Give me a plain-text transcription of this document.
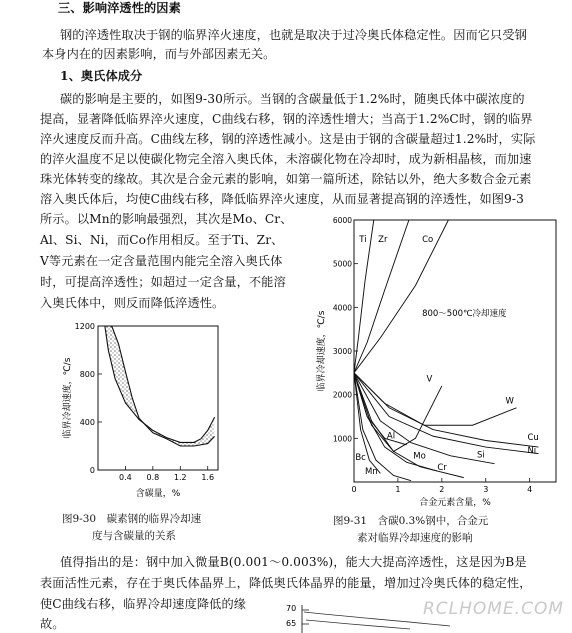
三、影响淬透性的因素
钢的淬透性取决于钢的临界淬火速度，也就是取决于过冷奥氏体稳定性。因而它只受钢
本身内在的因素影响，而与外部因素无关。
1、奥氏体成分
碳的影响是主要的，如图9-30所示。当钢的含碳量低于1.2%时，随奥氏体中碳浓度的
提高，显著降低临界淬火速度，C曲线右移，钢的淬透性增大；当高于1.2%C时，钢的临界
淬火速度反而升高。C曲线左移，钢的淬透性减小。这是由于钢的含碳量超过1.2%时，实际
的淬火温度不足以使碳化物完全溶入奥氏体，未溶碳化物在冷却时，成为新相晶核，而加速
珠光体转变的缘故。其次是合金元素的影响，如第一篇所述，除钴以外，绝大多数合金元素
溶入奥氏体后，均使C曲线右移，降低临界淬火速度，从而显著提高钢的淬透性，如图9-3
所示。以Mn的影响最强烈，其次是Mo、Cr、
Al、Si、Ni，而Co作用相反。至于Ti、Zr、
V等元素在一定含量范围内能完全溶入奥氏体
时，可提高淬透性；如超过一定含量，不能溶
入奥氏体中，则反而降低淬透性。
0
400
800
1200
0.4 0.8 1.2 1.6
含碳量，%
临界冷却速度，℃/s
图9-30　碳素钢的临界冷却速
度与含碳量的关系
1000
2000
3000
4000
5000
6000
0	1	2	3	4
Ti Zr	Co
W
Cu
Ni
Si
Mo
Cr
Mn
Al
V
Bc
800～500℃冷却速度
合金元素含量，%
临界冷却速度，℃/s
图9-31　含碳0.3%钢中，合金元
素对临界冷却速度的影响
值得指出的是：钢中加入微量B(0.001～0.003%)，能大大提高淬透性，这是因为B是
表面活性元素，存在于奥氏体晶界上，降低奥氏体晶界的能量，增加过冷奥氏体的稳定性，
使C曲线右移，临界冷却速度降低的缘
故。
70
65
RCLHOME.COM
